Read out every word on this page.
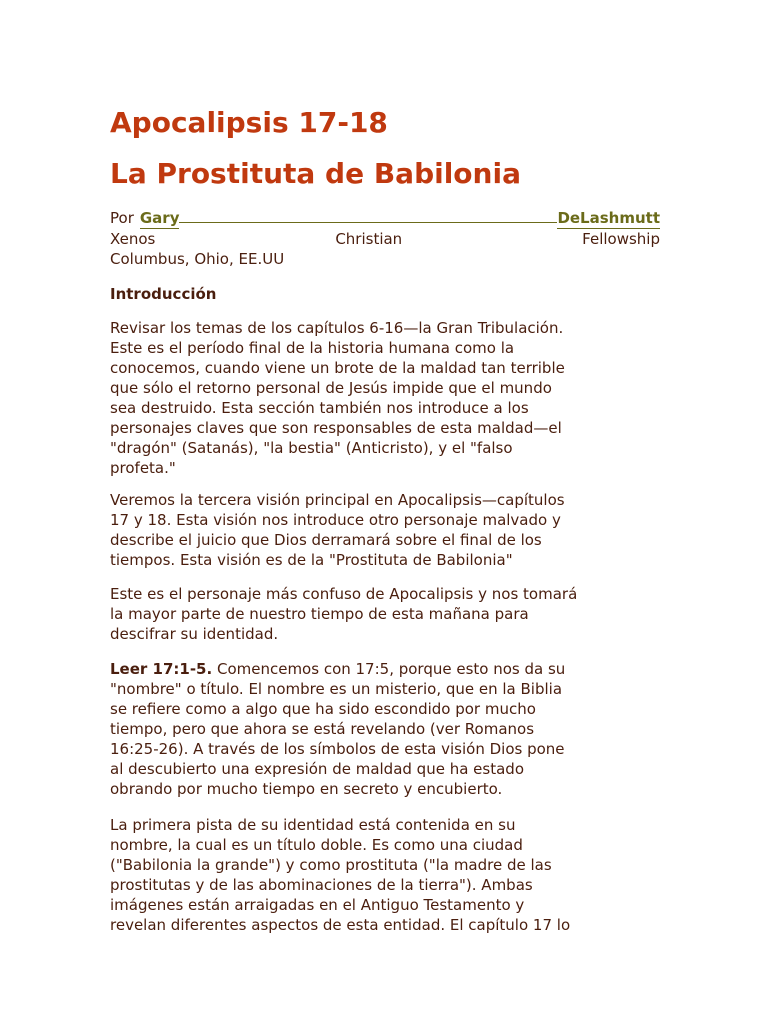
Apocalipsis 17-18
La Prostituta de Babilonia
Por Gary	DeLashmutt
Xenos	Christian	Fellowship
Columbus, Ohio, EE.UU
Introducción

Revisar los temas de los capítulos 6-16—la Gran Tribulación.
Este es el período final de la historia humana como la
conocemos, cuando viene un brote de la maldad tan terrible
que sólo el retorno personal de Jesús impide que el mundo
sea destruido. Esta sección también nos introduce a los
personajes claves que son responsables de esta maldad—el
"dragón" (Satanás), "la bestia" (Anticristo), y el "falso
profeta."

Veremos la tercera visión principal en Apocalipsis—capítulos
17 y 18. Esta visión nos introduce otro personaje malvado y
describe el juicio que Dios derramará sobre el final de los
tiempos. Esta visión es de la "Prostituta de Babilonia"

Este es el personaje más confuso de Apocalipsis y nos tomará
la mayor parte de nuestro tiempo de esta mañana para
descifrar su identidad.

Leer 17:1-5. Comencemos con 17:5, porque esto nos da su
"nombre" o título. El nombre es un misterio, que en la Biblia
se refiere como a algo que ha sido escondido por mucho
tiempo, pero que ahora se está revelando (ver Romanos
16:25-26). A través de los símbolos de esta visión Dios pone
al descubierto una expresión de maldad que ha estado
obrando por mucho tiempo en secreto y encubierto.

La primera pista de su identidad está contenida en su
nombre, la cual es un título doble. Es como una ciudad
("Babilonia la grande") y como prostituta ("la madre de las
prostitutas y de las abominaciones de la tierra"). Ambas
imágenes están arraigadas en el Antiguo Testamento y
revelan diferentes aspectos de esta entidad. El capítulo 17 lo
